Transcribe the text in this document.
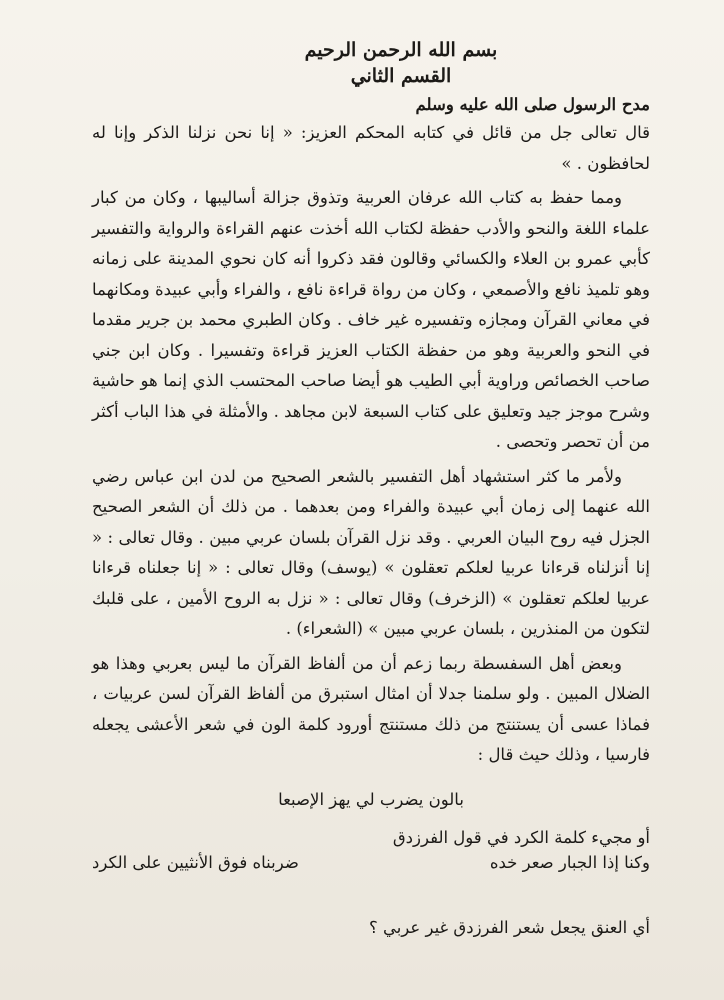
بسم الله الرحمن الرحيم
القسم الثاني
مدح الرسول صلى الله عليه وسلم

قال تعالى جل من قائل في كتابه المحكم العزيز: « إنا نحن نزلنا الذكر وإنا له لحافظون . »

ومما حفظ به كتاب الله عرفان العربية وتذوق جزالة أساليبها ، وكان من كبار علماء اللغة والنحو والأدب حفظة لكتاب الله أخذت عنهم القراءة والرواية والتفسير كأبي عمرو بن العلاء والكسائي وقالون فقد ذكروا أنه كان نحوي المدينة على زمانه وهو تلميذ نافع والأصمعي ، وكان من رواة قراءة نافع ، والفراء وأبي عبيدة ومكانهما في معاني القرآن ومجازه وتفسيره غير خاف . وكان الطبري محمد بن جرير مقدما في النحو والعربية وهو من حفظة الكتاب العزيز قراءة وتفسيرا . وكان ابن جني صاحب الخصائص وراوية أبي الطيب هو أيضا صاحب المحتسب الذي إنما هو حاشية وشرح موجز جيد وتعليق على كتاب السبعة لابن مجاهد . والأمثلة في هذا الباب أكثر من أن تحصر وتحصى .

ولأمر ما كثر استشهاد أهل التفسير بالشعر الصحيح من لدن ابن عباس رضي الله عنهما إلى زمان أبي عبيدة والفراء ومن بعدهما . من ذلك أن الشعر الصحيح الجزل فيه روح البيان العربي . وقد نزل القرآن بلسان عربي مبين . وقال تعالى : « إنا أنزلناه قرءانا عربيا لعلكم تعقلون » (يوسف) وقال تعالى : « إنا جعلناه قرءانا عربيا لعلكم تعقلون » (الزخرف) وقال تعالى : « نزل به الروح الأمين ، على قلبك لتكون من المنذرين ، بلسان عربي مبين » (الشعراء) .

وبعض أهل السفسطة ربما زعم أن من ألفاظ القرآن ما ليس بعربي وهذا هو الضلال المبين . ولو سلمنا جدلا أن امثال استبرق من ألفاظ القرآن لسن عربيات ، فماذا عسى أن يستنتج من ذلك مستنتج أورود كلمة الون في شعر الأعشى يجعله فارسيا ، وذلك حيث قال :

بالون يضرب لي يهز الإصبعا
أو مجيء كلمة الكرد في قول الفرزدق
وكنا إذا الجبار صعر خده
ضربناه فوق الأنثيين على الكرد
أي العنق يجعل شعر الفرزدق غير عربي ؟
